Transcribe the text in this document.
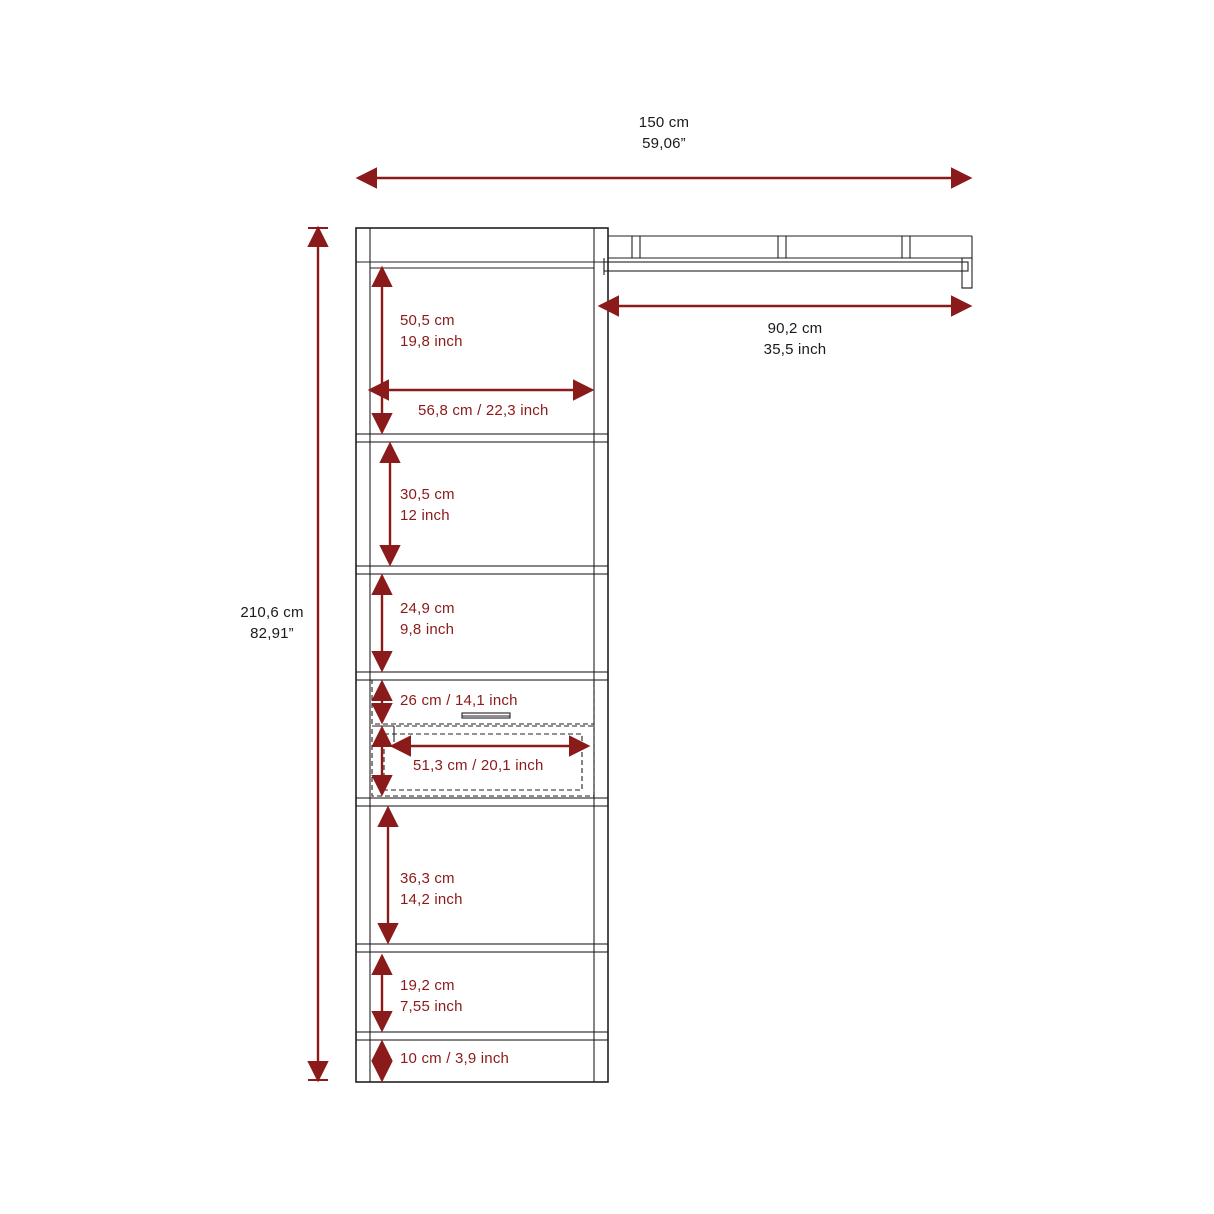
150 cm
59,06”
210,6 cm
82,91”
90,2 cm
35,5 inch
50,5 cm
19,8 inch
56,8 cm / 22,3 inch
30,5 cm
12 inch
24,9 cm
9,8 inch
26 cm / 14,1 inch
51,3 cm / 20,1 inch
36,3 cm
14,2 inch
19,2 cm
7,55 inch
10 cm / 3,9 inch
